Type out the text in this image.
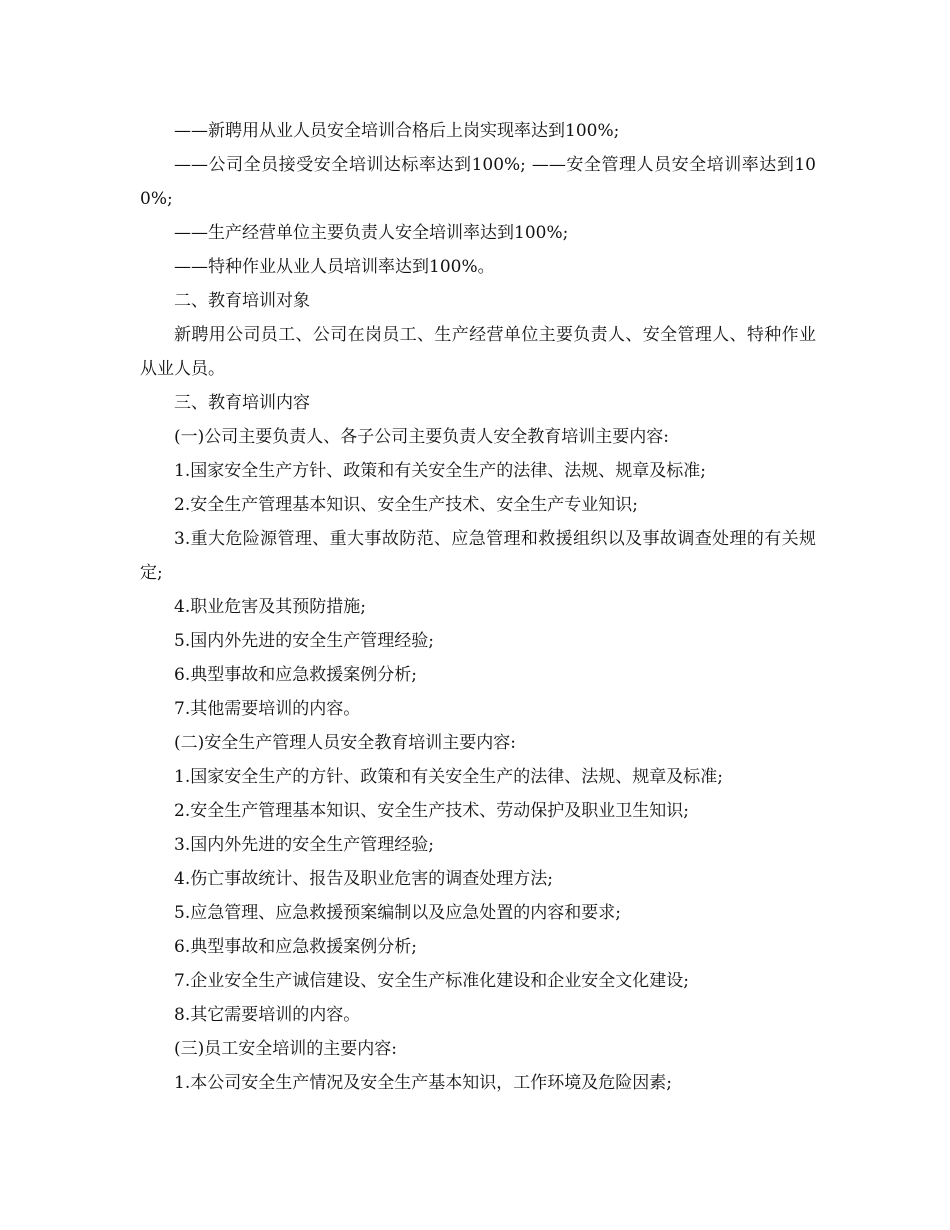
——新聘用从业人员安全培训合格后上岗实现率达到100%;

——公司全员接受安全培训达标率达到100%; ——安全管理人员安全培训率达到100%;

——生产经营单位主要负责人安全培训率达到100%;

——特种作业从业人员培训率达到100%。

二、教育培训对象

新聘用公司员工、公司在岗员工、生产经营单位主要负责人、安全管理人、特种作业从业人员。

三、教育培训内容

(一)公司主要负责人、各子公司主要负责人安全教育培训主要内容:

1.国家安全生产方针、政策和有关安全生产的法律、法规、规章及标准;

2.安全生产管理基本知识、安全生产技术、安全生产专业知识;

3.重大危险源管理、重大事故防范、应急管理和救援组织以及事故调查处理的有关规定;

4.职业危害及其预防措施;

5.国内外先进的安全生产管理经验;

6.典型事故和应急救援案例分析;

7.其他需要培训的内容。

(二)安全生产管理人员安全教育培训主要内容:

1.国家安全生产的方针、政策和有关安全生产的法律、法规、规章及标准;

2.安全生产管理基本知识、安全生产技术、劳动保护及职业卫生知识;

3.国内外先进的安全生产管理经验;

4.伤亡事故统计、报告及职业危害的调查处理方法;

5.应急管理、应急救援预案编制以及应急处置的内容和要求;

6.典型事故和应急救援案例分析;

7.企业安全生产诚信建设、安全生产标准化建设和企业安全文化建设;

8.其它需要培训的内容。

(三)员工安全培训的主要内容:

1.本公司安全生产情况及安全生产基本知识，工作环境及危险因素;
